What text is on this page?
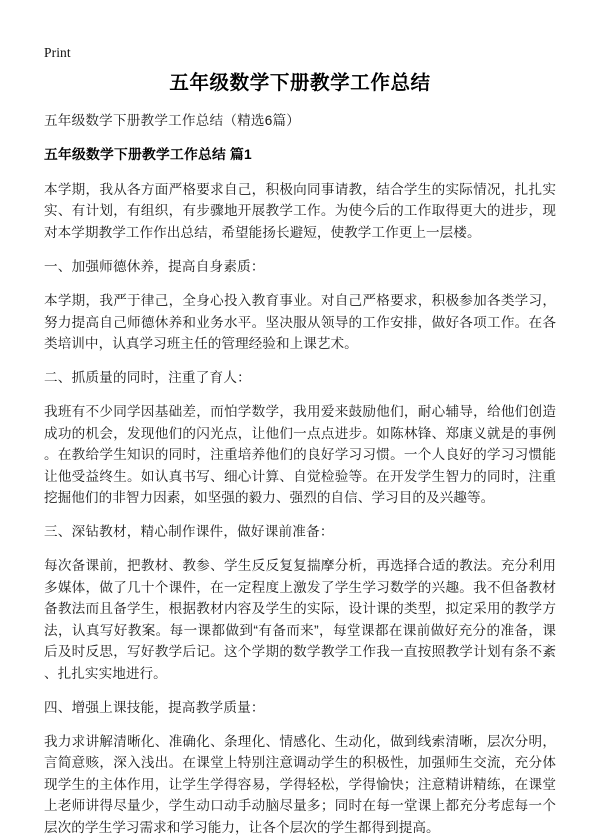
Print
五年级数学下册教学工作总结

五年级数学下册教学工作总结（精选6篇）

五年级数学下册教学工作总结 篇1

本学期，我从各方面严格要求自己，积极向同事请教，结合学生的实际情况，扎扎实实、有计划，有组织，有步骤地开展教学工作。为使今后的工作取得更大的进步，现对本学期教学工作作出总结，希望能扬长避短，使教学工作更上一层楼。

一、加强师德休养，提高自身素质：

本学期，我严于律己，全身心投入教育事业。对自己严格要求，积极参加各类学习，努力提高自己师德休养和业务水平。坚决服从领导的工作安排，做好各项工作。在各类培训中，认真学习班主任的管理经验和上课艺术。

二、抓质量的同时，注重了育人：

我班有不少同学因基础差，而怕学数学，我用爱来鼓励他们，耐心辅导，给他们创造成功的机会，发现他们的闪光点，让他们一点点进步。如陈林锋、郑康义就是的事例。在教给学生知识的同时，注重培养他们的良好学习习惯。一个人良好的学习习惯能让他受益终生。如认真书写、细心计算、自觉检验等。在开发学生智力的同时，注重挖掘他们的非智力因素，如坚强的毅力、强烈的自信、学习目的及兴趣等。

三、深钻教材，精心制作课件，做好课前准备：

每次备课前，把教材、教参、学生反反复复揣摩分析，再选择合适的教法。充分利用多媒体，做了几十个课件，在一定程度上激发了学生学习数学的兴趣。我不但备教材备教法而且备学生，根据教材内容及学生的实际，设计课的类型，拟定采用的教学方法，认真写好教案。每一课都做到“有备而来”，每堂课都在课前做好充分的准备，课后及时反思，写好教学后记。这个学期的数学教学工作我一直按照教学计划有条不紊、扎扎实实地进行。

四、增强上课技能，提高教学质量：

我力求讲解清晰化、准确化、条理化、情感化、生动化，做到线索清晰，层次分明，言简意赅，深入浅出。在课堂上特别注意调动学生的积极性，加强师生交流，充分体现学生的主体作用，让学生学得容易，学得轻松，学得愉快；注意精讲精练，在课堂上老师讲得尽量少，学生动口动手动脑尽量多；同时在每一堂课上都充分考虑每一个层次的学生学习需求和学习能力，让各个层次的学生都得到提高。
